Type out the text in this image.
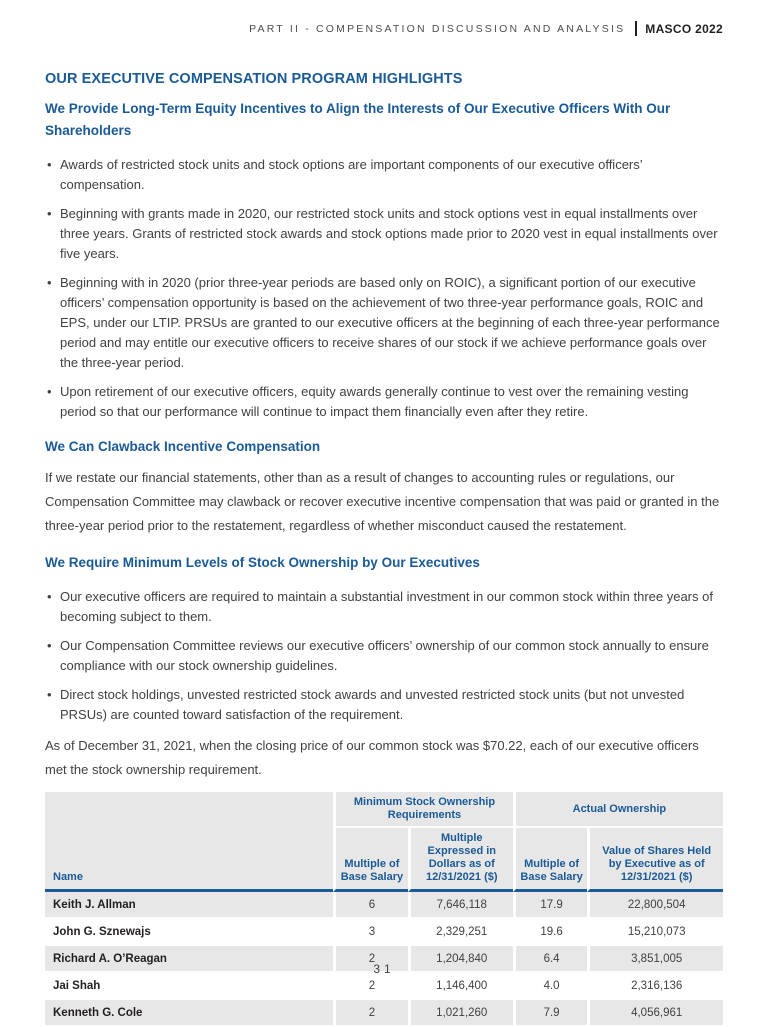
PART II - COMPENSATION DISCUSSION AND ANALYSIS MASCO 2022
OUR EXECUTIVE COMPENSATION PROGRAM HIGHLIGHTS
We Provide Long-Term Equity Incentives to Align the Interests of Our Executive Officers With Our Shareholders
• Awards of restricted stock units and stock options are important components of our executive officers’ compensation.
• Beginning with grants made in 2020, our restricted stock units and stock options vest in equal installments over three years. Grants of restricted stock awards and stock options made prior to 2020 vest in equal installments over five years.
• Beginning with in 2020 (prior three-year periods are based only on ROIC), a significant portion of our executive officers’ compensation opportunity is based on the achievement of two three-year performance goals, ROIC and EPS, under our LTIP. PRSUs are granted to our executive officers at the beginning of each three-year performance period and may entitle our executive officers to receive shares of our stock if we achieve performance goals over the three-year period.
• Upon retirement of our executive officers, equity awards generally continue to vest over the remaining vesting period so that our performance will continue to impact them financially even after they retire.
We Can Clawback Incentive Compensation

If we restate our financial statements, other than as a result of changes to accounting rules or regulations, our Compensation Committee may clawback or recover executive incentive compensation that was paid or granted in the three-year period prior to the restatement, regardless of whether misconduct caused the restatement.

We Require Minimum Levels of Stock Ownership by Our Executives
• Our executive officers are required to maintain a substantial investment in our common stock within three years of becoming subject to them.
• Our Compensation Committee reviews our executive officers’ ownership of our common stock annually to ensure compliance with our stock ownership guidelines.
• Direct stock holdings, unvested restricted stock awards and unvested restricted stock units (but not unvested PRSUs) are counted toward satisfaction of the requirement.

As of December 31, 2021, when the closing price of our common stock was $70.22, each of our executive officers met the stock ownership requirement.

Name	Minimum Stock Ownership Requirements		Actual Ownership	
	Multiple of Base Salary	Multiple Expressed in Dollars as of 12/31/2021 ($)	Multiple of Base Salary	Value of Shares Held by Executive as of 12/31/2021 ($)
Keith J. Allman	6	7,646,118	17.9	22,800,504
John G. Sznewajs	3	2,329,251	19.6	15,210,073
Richard A. O’Reagan	2	1,204,840	6.4	3,851,005
Jai Shah	2	1,146,400	4.0	2,316,136
Kenneth G. Cole	2	1,021,260	7.9	4,056,961
31
